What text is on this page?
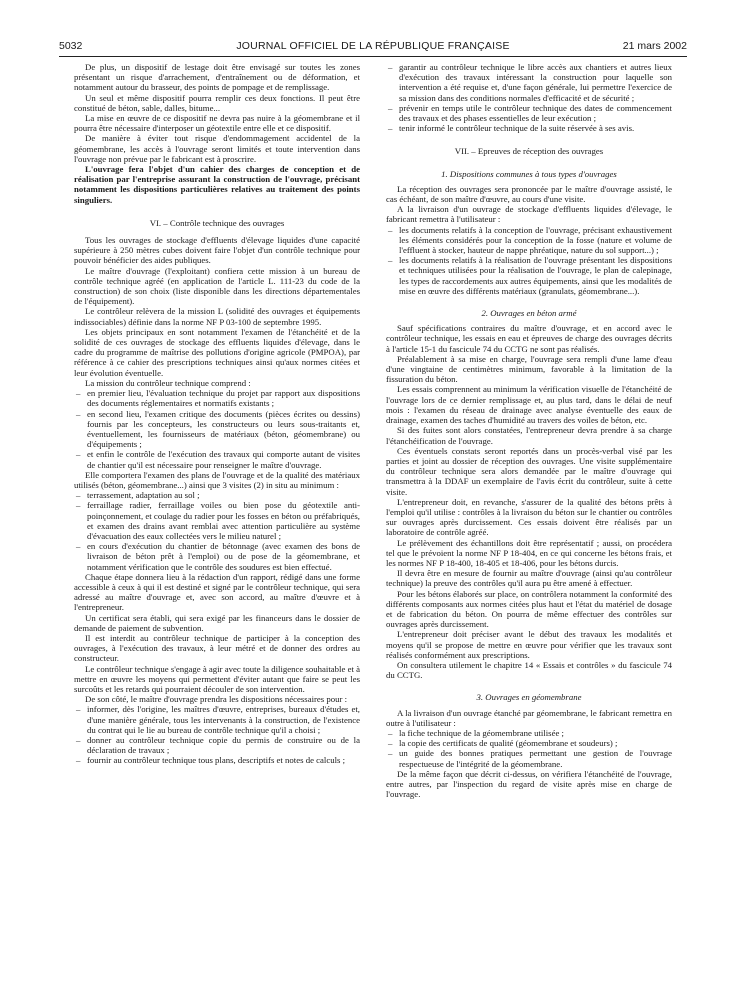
5032	JOURNAL OFFICIEL DE LA RÉPUBLIQUE FRANÇAISE	21 mars 2002

De plus, un dispositif de lestage doit être envisagé sur toutes les zones présentant un risque d'arrachement, d'entraînement ou de déformation, et notamment autour du brasseur, des points de pompage et de remplissage.

Un seul et même dispositif pourra remplir ces deux fonctions. Il peut être constitué de béton, sable, dalles, bitume...

La mise en œuvre de ce dispositif ne devra pas nuire à la géomembrane et il pourra être nécessaire d'interposer un géotextile entre elle et ce dispositif.

De manière à éviter tout risque d'endommagement accidentel de la géomembrane, les accès à l'ouvrage seront limités et toute intervention dans l'ouvrage non prévue par le fabricant est à proscrire.

L'ouvrage fera l'objet d'un cahier des charges de conception et de réalisation par l'entreprise assurant la construction de l'ouvrage, précisant notamment les dispositions particulières relatives au traitement des points singuliers.

VI. – Contrôle technique des ouvrages

Tous les ouvrages de stockage d'effluents d'élevage liquides d'une capacité supérieure à 250 mètres cubes doivent faire l'objet d'un contrôle technique pour pouvoir bénéficier des aides publiques.

Le maître d'ouvrage (l'exploitant) confiera cette mission à un bureau de contrôle technique agréé (en application de l'article L. 111-23 du code de la construction) de son choix (liste disponible dans les directions départementales de l'équipement).

Le contrôleur relèvera de la mission L (solidité des ouvrages et équipements indissociables) définie dans la norme NF P 03-100 de septembre 1995.

Les objets principaux en sont notamment l'examen de l'étanchéité et de la solidité de ces ouvrages de stockage des effluents liquides d'élevage, dans le cadre du programme de maîtrise des pollutions d'origine agricole (PMPOA), par référence à ce cahier des prescriptions techniques ainsi qu'aux normes citées et leur évolution éventuelle.

La mission du contrôleur technique comprend :

– en premier lieu, l'évaluation technique du projet par rapport aux dispositions des documents réglementaires et normatifs existants ;
– en second lieu, l'examen critique des documents (pièces écrites ou dessins) fournis par les concepteurs, les constructeurs ou leurs sous-traitants et, éventuellement, les fournisseurs de matériaux (béton, géomembrane) ou d'équipements ;
– et enfin le contrôle de l'exécution des travaux qui comporte autant de visites de chantier qu'il est nécessaire pour renseigner le maître d'ouvrage.

Elle comportera l'examen des plans de l'ouvrage et de la qualité des matériaux utilisés (béton, géomembrane...) ainsi que 3 visites (2) in situ au minimum :

– terrassement, adaptation au sol ;
– ferraillage radier, ferraillage voiles ou bien pose du géotextile anti-poinçonnement, et coulage du radier pour les fosses en béton ou préfabriqués, et examen des drains avant remblai avec attention particulière au système d'évacuation des eaux collectées vers le milieu naturel ;
– en cours d'exécution du chantier de bétonnage (avec examen des bons de livraison de béton prêt à l'emploi) ou de pose de la géomembrane, et notamment vérification que le contrôle des soudures est bien effectué.

Chaque étape donnera lieu à la rédaction d'un rapport, rédigé dans une forme accessible à ceux à qui il est destiné et signé par le contrôleur technique, qui sera adressé au maître d'ouvrage et, avec son accord, au maître d'œuvre et à l'entrepreneur.

Un certificat sera établi, qui sera exigé par les financeurs dans le dossier de demande de paiement de subvention.

Il est interdit au contrôleur technique de participer à la conception des ouvrages, à l'exécution des travaux, à leur métré et de donner des ordres au constructeur.

Le contrôleur technique s'engage à agir avec toute la diligence souhaitable et à mettre en œuvre les moyens qui permettent d'éviter autant que faire se peut les surcoûts et les retards qui pourraient découler de son intervention.

De son côté, le maître d'ouvrage prendra les dispositions nécessaires pour :

– informer, dès l'origine, les maîtres d'œuvre, entreprises, bureaux d'études et, d'une manière générale, tous les intervenants à la construction, de l'existence du contrat qui le lie au bureau de contrôle technique qu'il a choisi ;
– donner au contrôleur technique copie du permis de construire ou de la déclaration de travaux ;
– fournir au contrôleur technique tous plans, descriptifs et notes de calculs ;
– garantir au contrôleur technique le libre accès aux chantiers et autres lieux d'exécution des travaux intéressant la construction pour laquelle son intervention a été requise et, d'une façon générale, lui permettre l'exercice de sa mission dans des conditions normales d'efficacité et de sécurité ;
– prévenir en temps utile le contrôleur technique des dates de commencement des travaux et des phases essentielles de leur exécution ;
– tenir informé le contrôleur technique de la suite réservée à ses avis.
VII. – Epreuves de réception des ouvrages
1. Dispositions communes à tous types d'ouvrages

La réception des ouvrages sera prononcée par le maître d'ouvrage assisté, le cas échéant, de son maître d'œuvre, au cours d'une visite.

A la livraison d'un ouvrage de stockage d'effluents liquides d'élevage, le fabricant remettra à l'utilisateur :

– les documents relatifs à la conception de l'ouvrage, précisant exhaustivement les éléments considérés pour la conception de la fosse (nature et volume de l'effluent à stocker, hauteur de nappe phréatique, nature du sol support...) ;
– les documents relatifs à la réalisation de l'ouvrage présentant les dispositions et techniques utilisées pour la réalisation de l'ouvrage, le plan de calepinage, les types de raccordements aux autres équipements, ainsi que les modalités de mise en œuvre des différents matériaux (granulats, géomembrane...).
2. Ouvrages en béton armé

Sauf spécifications contraires du maître d'ouvrage, et en accord avec le contrôleur technique, les essais en eau et épreuves de charge des ouvrages décrits à l'article 15-1 du fascicule 74 du CCTG ne sont pas réalisés.

Préalablement à sa mise en charge, l'ouvrage sera rempli d'une lame d'eau d'une vingtaine de centimètres minimum, favorable à la limitation de la fissuration du béton.

Les essais comprennent au minimum la vérification visuelle de l'étanchéité de l'ouvrage lors de ce dernier remplissage et, au plus tard, dans le délai de neuf mois : l'examen du réseau de drainage avec analyse éventuelle des eaux de drainage, examen des taches d'humidité au travers des voiles de béton, etc.

Si des fuites sont alors constatées, l'entrepreneur devra prendre à sa charge l'étanchéification de l'ouvrage.

Ces éventuels constats seront reportés dans un procès-verbal visé par les parties et joint au dossier de réception des ouvrages. Une visite supplémentaire du contrôleur technique sera alors demandée par le maître d'ouvrage qui transmettra à la DDAF un exemplaire de l'avis écrit du contrôleur, suite à cette visite.

L'entrepreneur doit, en revanche, s'assurer de la qualité des bétons prêts à l'emploi qu'il utilise : contrôles à la livraison du béton sur le chantier ou contrôles sur ouvrages après durcissement. Ces essais doivent être réalisés par un laboratoire de contrôle agréé.

Le prélèvement des échantillons doit être représentatif ; aussi, on procédera tel que le prévoient la norme NF P 18-404, en ce qui concerne les bétons frais, et les normes NF P 18-400, 18-405 et 18-406, pour les bétons durcis.

Il devra être en mesure de fournir au maître d'ouvrage (ainsi qu'au contrôleur technique) la preuve des contrôles qu'il aura pu être amené à effectuer.

Pour les bétons élaborés sur place, on contrôlera notamment la conformité des différents composants aux normes citées plus haut et l'état du matériel de dosage et de fabrication du béton. On pourra de même effectuer des contrôles sur ouvrages après durcissement.

L'entrepreneur doit préciser avant le début des travaux les modalités et moyens qu'il se propose de mettre en œuvre pour vérifier que les travaux sont réalisés conformément aux prescriptions.

On consultera utilement le chapitre 14 « Essais et contrôles » du fascicule 74 du CCTG.

3. Ouvrages en géomembrane

A la livraison d'un ouvrage étanché par géomembrane, le fabricant remettra en outre à l'utilisateur :

– la fiche technique de la géomembrane utilisée ;
– la copie des certificats de qualité (géomembrane et soudeurs) ;
– un guide des bonnes pratiques permettant une gestion de l'ouvrage respectueuse de l'intégrité de la géomembrane.

De la même façon que décrit ci-dessus, on vérifiera l'étanchéité de l'ouvrage, entre autres, par l'inspection du regard de visite après mise en charge de l'ouvrage.
